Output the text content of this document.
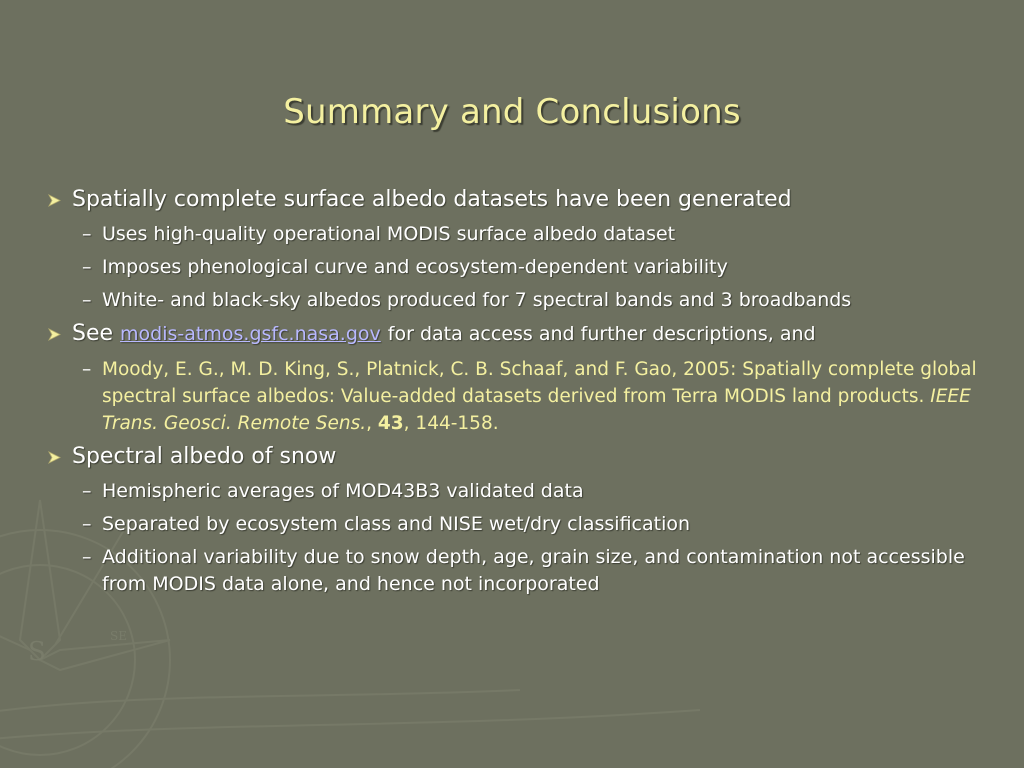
S
SE
Summary and Conclusions
Spatially complete surface albedo datasets have been generated
– Uses high-quality operational MODIS surface albedo dataset
– Imposes phenological curve and ecosystem-dependent variability
– White- and black-sky albedos produced for 7 spectral bands and 3 broadbands
See modis-atmos.gsfc.nasa.gov for data access and further descriptions, and
– Moody, E. G., M. D. King, S., Platnick, C. B. Schaaf, and F. Gao, 2005: Spatially complete global spectral surface albedos: Value-added datasets derived from Terra MODIS land products. IEEE Trans. Geosci. Remote Sens., 43, 144-158.
Spectral albedo of snow
– Hemispheric averages of MOD43B3 validated data
– Separated by ecosystem class and NISE wet/dry classification
– Additional variability due to snow depth, age, grain size, and contamination not accessible from MODIS data alone, and hence not incorporated
